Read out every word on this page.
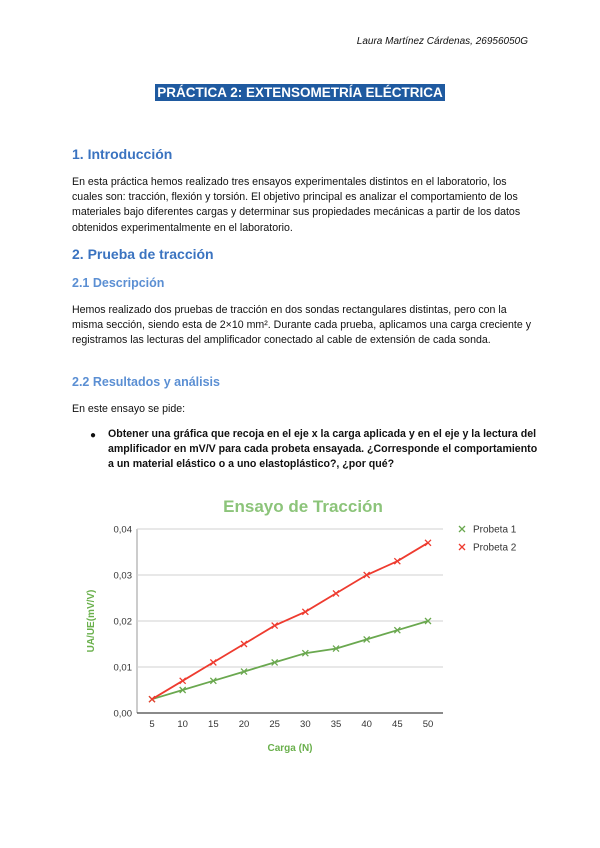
Laura Martínez Cárdenas, 26956050G
PRÁCTICA 2: EXTENSOMETRÍA ELÉCTRICA
1. Introducción
En esta práctica hemos realizado tres ensayos experimentales distintos en el laboratorio, los cuales son: tracción, flexión y torsión. El objetivo principal es analizar el comportamiento de los materiales bajo diferentes cargas y determinar sus propiedades mecánicas a partir de los datos obtenidos experimentalmente en el laboratorio.
2. Prueba de tracción
2.1 Descripción
Hemos realizado dos pruebas de tracción en dos sondas rectangulares distintas, pero con la misma sección, siendo esta de 2×10 mm². Durante cada prueba, aplicamos una carga creciente y registramos las lecturas del amplificador conectado al cable de extensión de cada sonda.
2.2 Resultados y análisis
En este ensayo se pide:
● Obtener una gráfica que recoja en el eje x la carga aplicada y en el eje y la lectura del amplificador en mV/V para cada probeta ensayada. ¿Corresponde el comportamiento a un material elástico o a uno elastoplástico?, ¿por qué?
Ensayo de Tracción
0,00
0,01
0,02
0,03
0,04
5 10 15 20 25 30 35 40 45 50
Carga (N)
UA/UE(mV/V)
Probeta 1
Probeta 2
